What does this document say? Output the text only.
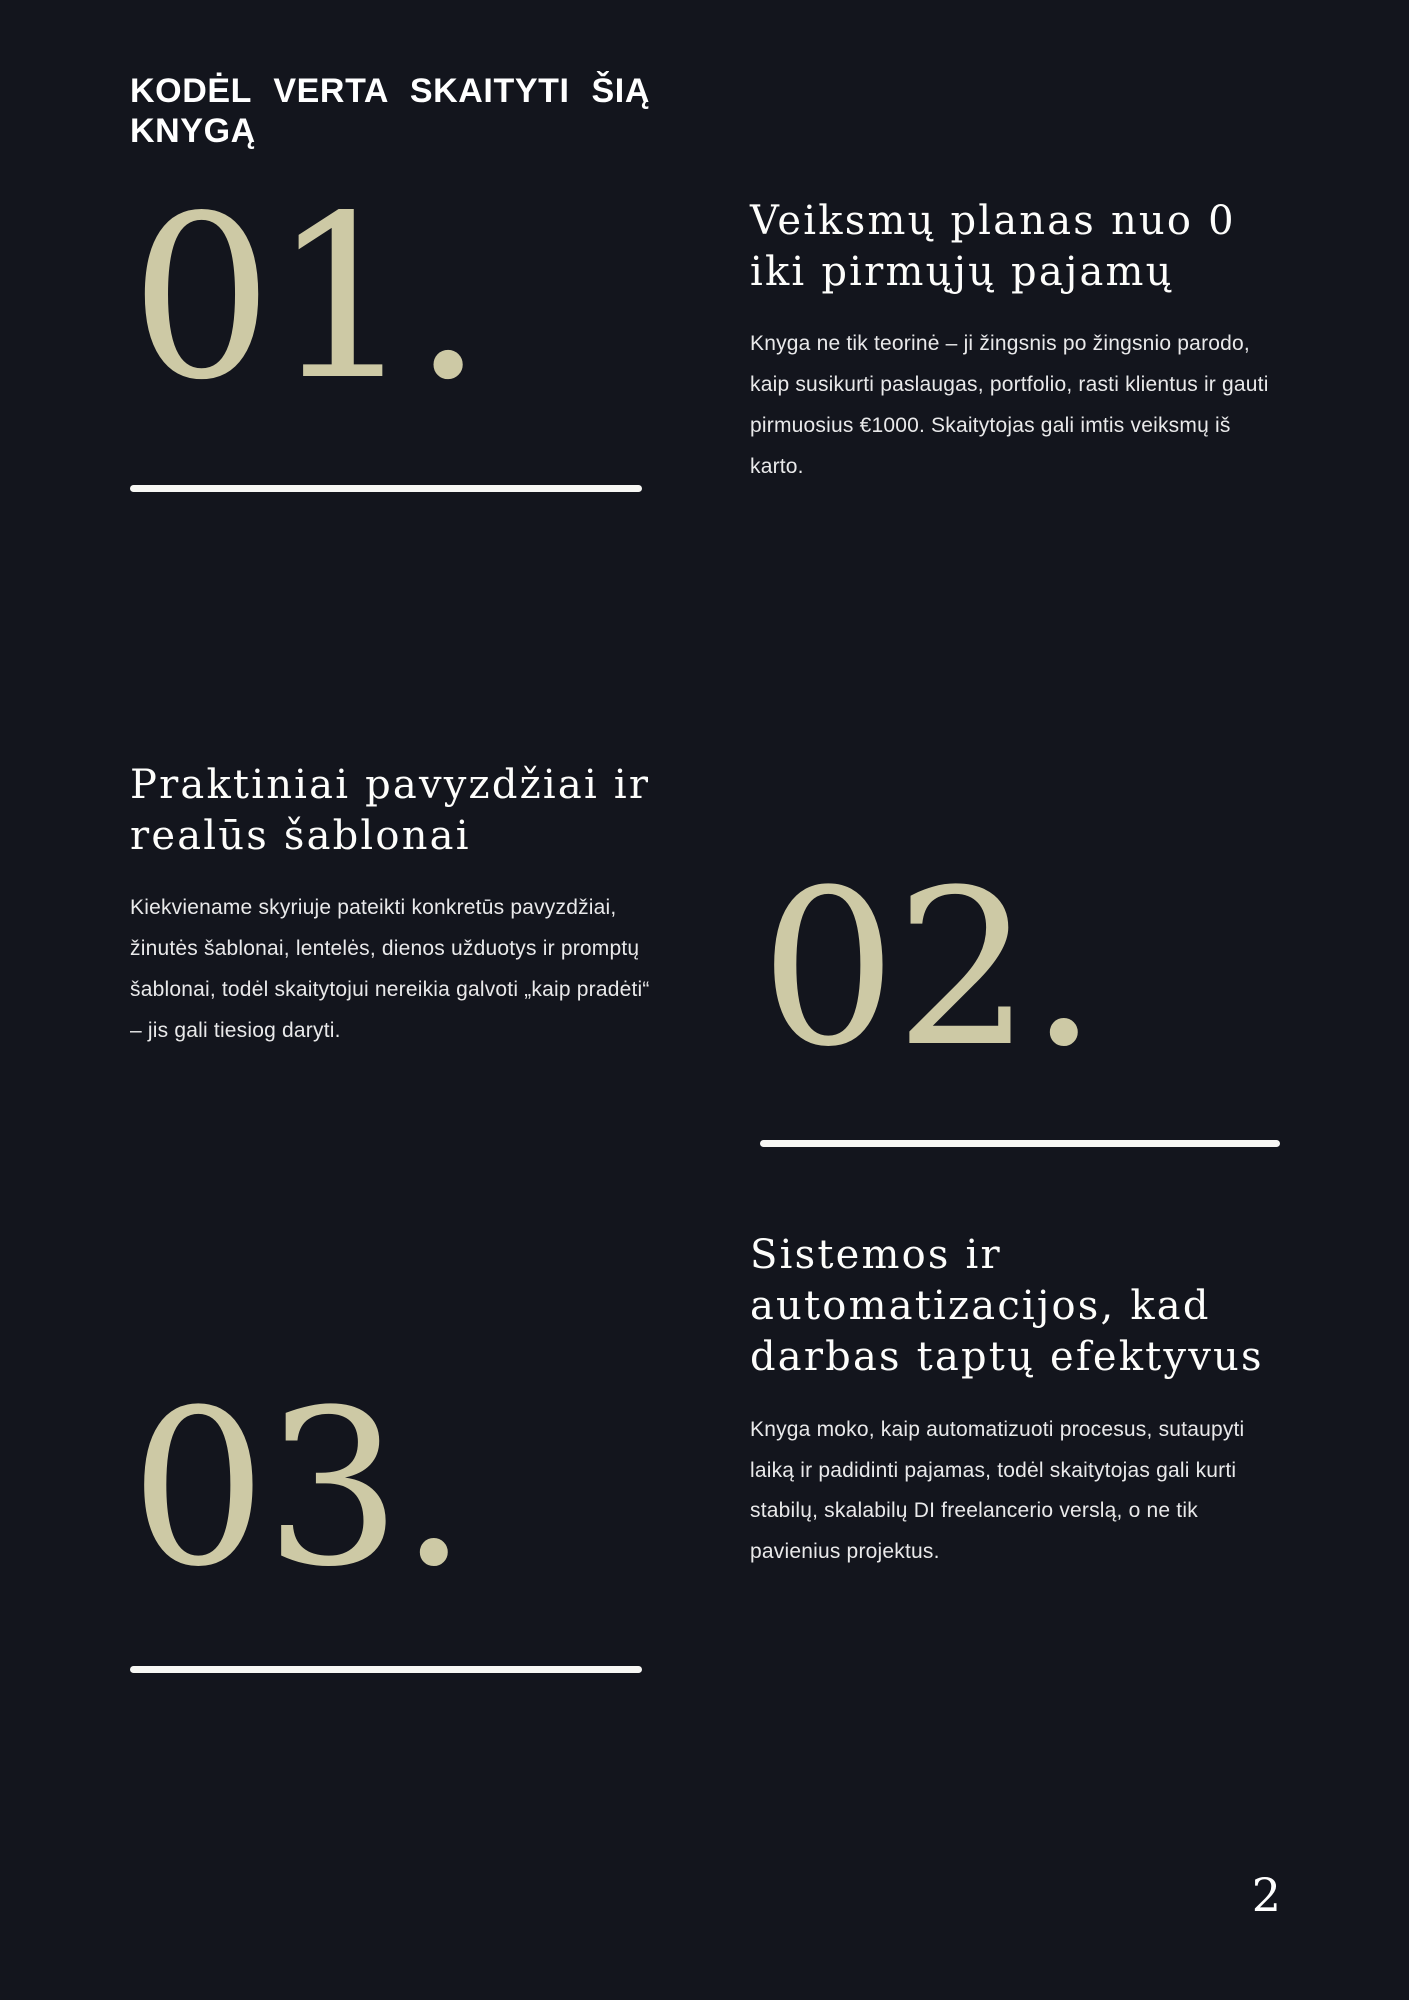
KODĖL VERTA SKAITYTI ŠIĄ KNYGĄ
01.	Veiksmų planas nuo 0 iki pirmųjų pajamų

Knyga ne tik teorinė – ji žingsnis po žingsnio parodo, kaip susikurti paslaugas, portfolio, rasti klientus ir gauti pirmuosius €1000. Skaitytojas gali imtis veiksmų iš karto.

Praktiniai pavyzdžiai ir realūs šablonai

Kiekviename skyriuje pateikti konkretūs pavyzdžiai, žinutės šablonai, lentelės, dienos užduotys ir promptų šablonai, todėl skaitytojui nereikia galvoti „kaip pradėti“ – jis gali tiesiog daryti.	02.
03.
Sistemos ir automatizacijos, kad darbas taptų efektyvus

Knyga moko, kaip automatizuoti procesus, sutaupyti laiką ir padidinti pajamas, todėl skaitytojas gali kurti stabilų, skalabilų DI freelancerio verslą, o ne tik pavienius projektus.

2
